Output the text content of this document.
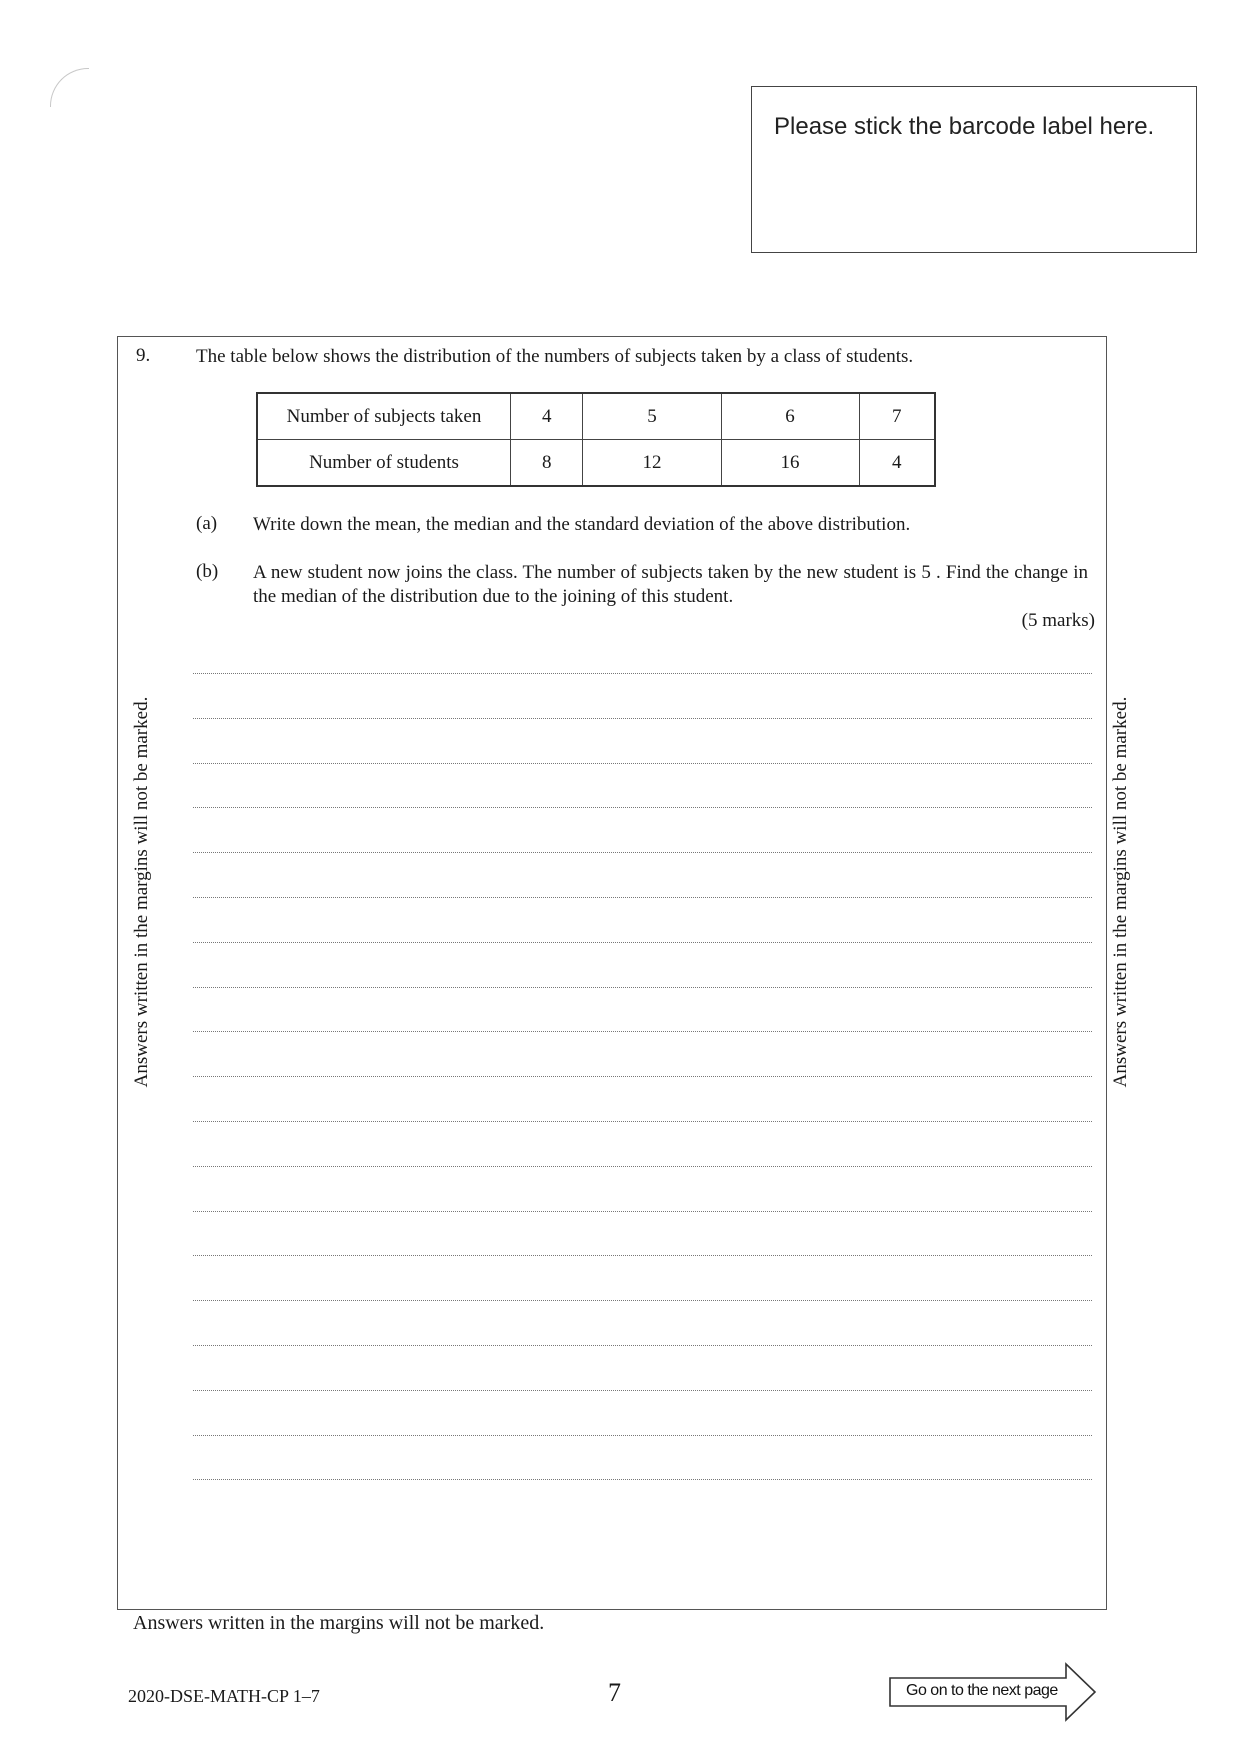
Please stick the barcode label here.
Answers written in the margins will not be marked.	Answers written in the margins will not be marked.
9. The table below shows the distribution of the numbers of subjects taken by a class of students.
Number of subjects taken	4	5	6	7
Number of students	8	12	16	4
(a) Write down the mean, the median and the standard deviation of the above distribution.
(b) A new student now joins the class. The number of subjects taken by the new student is 5 . Find the change in the median of the distribution due to the joining of this student.
(5 marks)
Answers written in the margins will not be marked.
2020-DSE-MATH-CP 1–7	7	Go on to the next page
